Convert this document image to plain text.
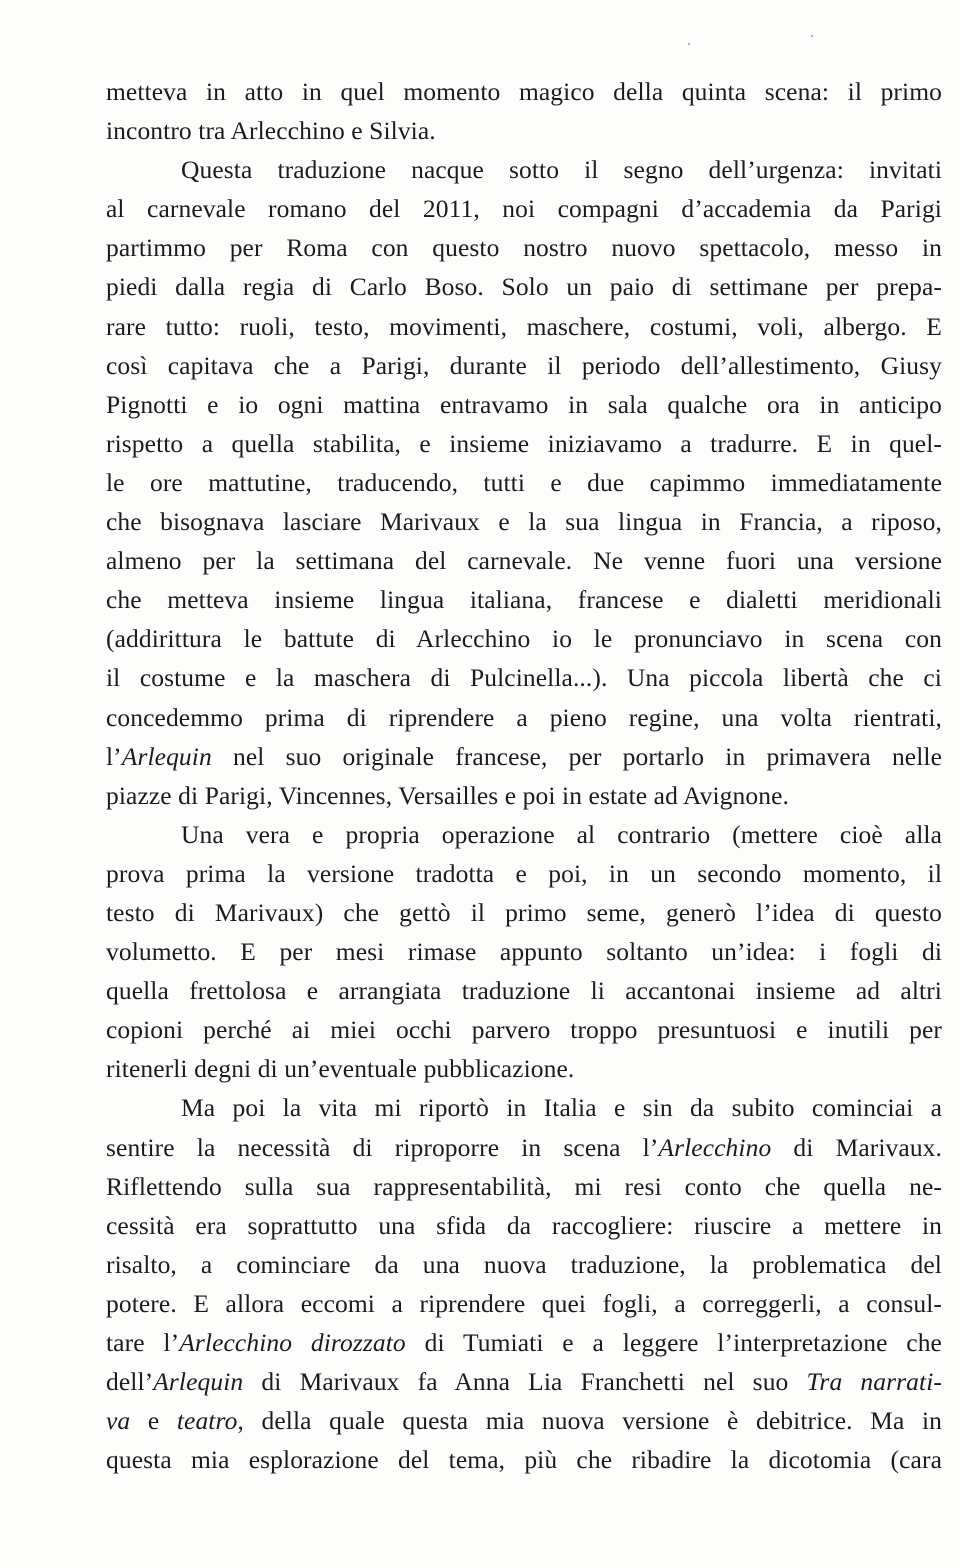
metteva in atto in quel momento magico della quinta scena: il primo
incontro tra Arlecchino e Silvia.
Questa traduzione nacque sotto il segno dell’urgenza: invitati
al carnevale romano del 2011, noi compagni d’accademia da Parigi
partimmo per Roma con questo nostro nuovo spettacolo, messo in
piedi dalla regia di Carlo Boso. Solo un paio di settimane per prepa-
rare tutto: ruoli, testo, movimenti, maschere, costumi, voli, albergo. E
così capitava che a Parigi, durante il periodo dell’allestimento, Giusy
Pignotti e io ogni mattina entravamo in sala qualche ora in anticipo
rispetto a quella stabilita, e insieme iniziavamo a tradurre. E in quel-
le ore mattutine, traducendo, tutti e due capimmo immediatamente
che bisognava lasciare Marivaux e la sua lingua in Francia, a riposo,
almeno per la settimana del carnevale. Ne venne fuori una versione
che metteva insieme lingua italiana, francese e dialetti meridionali
(addirittura le battute di Arlecchino io le pronunciavo in scena con
il costume e la maschera di Pulcinella...). Una piccola libertà che ci
concedemmo prima di riprendere a pieno regine, una volta rientrati,
l’Arlequin nel suo originale francese, per portarlo in primavera nelle
piazze di Parigi, Vincennes, Versailles e poi in estate ad Avignone.
Una vera e propria operazione al contrario (mettere cioè alla
prova prima la versione tradotta e poi, in un secondo momento, il
testo di Marivaux) che gettò il primo seme, generò l’idea di questo
volumetto. E per mesi rimase appunto soltanto un’idea: i fogli di
quella frettolosa e arrangiata traduzione li accantonai insieme ad altri
copioni perché ai miei occhi parvero troppo presuntuosi e inutili per
ritenerli degni di un’eventuale pubblicazione.
Ma poi la vita mi riportò in Italia e sin da subito cominciai a
sentire la necessità di riproporre in scena l’Arlecchino di Marivaux.
Riflettendo sulla sua rappresentabilità, mi resi conto che quella ne-
cessità era soprattutto una sfida da raccogliere: riuscire a mettere in
risalto, a cominciare da una nuova traduzione, la problematica del
potere. E allora eccomi a riprendere quei fogli, a correggerli, a consul-
tare l’Arlecchino dirozzato di Tumiati e a leggere l’interpretazione che
dell’Arlequin di Marivaux fa Anna Lia Franchetti nel suo Tra narrati-
va e teatro, della quale questa mia nuova versione è debitrice. Ma in
questa mia esplorazione del tema, più che ribadire la dicotomia (cara
